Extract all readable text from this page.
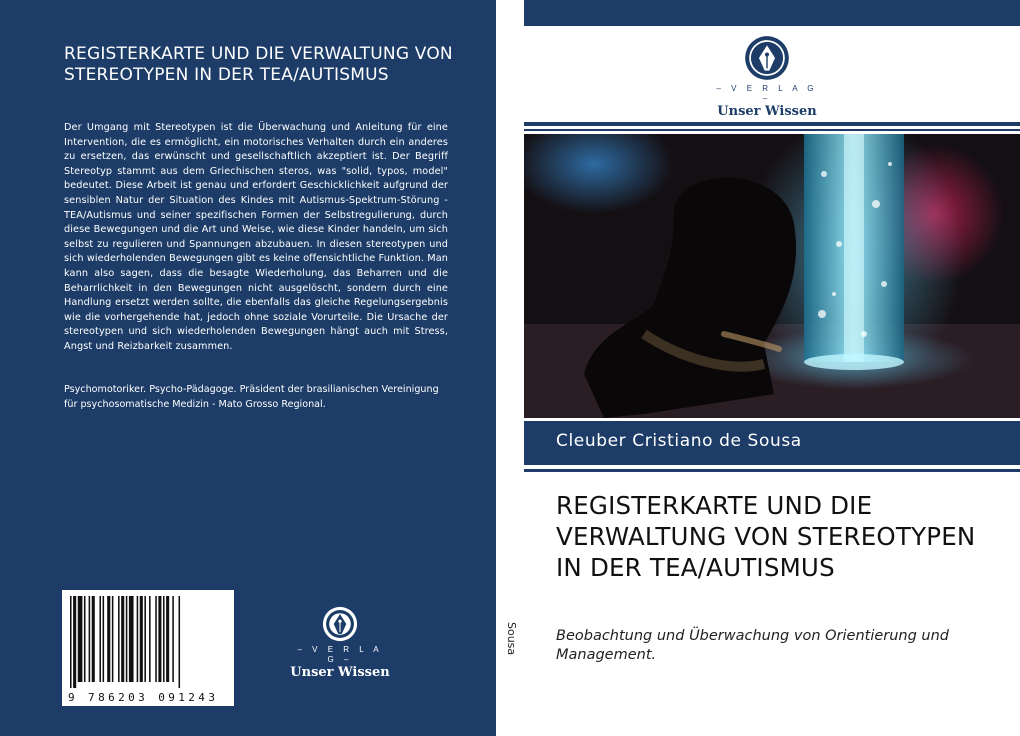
REGISTERKARTE UND DIE VERWALTUNG VON STEREOTYPEN IN DER TEA/AUTISMUS

Der Umgang mit Stereotypen ist die Überwachung und Anleitung für eine Intervention, die es ermöglicht, ein motorisches Verhalten durch ein anderes zu ersetzen, das erwünscht und gesellschaftlich akzeptiert ist. Der Begriff Stereotyp stammt aus dem Griechischen steros, was "solid, typos, model" bedeutet. Diese Arbeit ist genau und erfordert Geschicklichkeit aufgrund der sensiblen Natur der Situation des Kindes mit Autismus-Spektrum-Störung - TEA/Autismus und seiner spezifischen Formen der Selbstregulierung, durch diese Bewegungen und die Art und Weise, wie diese Kinder handeln, um sich selbst zu regulieren und Spannungen abzubauen. In diesen stereotypen und sich wiederholenden Bewegungen gibt es keine offensichtliche Funktion. Man kann also sagen, dass die besagte Wiederholung, das Beharren und die Beharrlichkeit in den Bewegungen nicht ausgelöscht, sondern durch eine Handlung ersetzt werden sollte, die ebenfalls das gleiche Regelungsergebnis wie die vorhergehende hat, jedoch ohne soziale Vorurteile. Die Ursache der stereotypen und sich wiederholenden Bewegungen hängt auch mit Stress, Angst und Reizbarkeit zusammen.

Psychomotoriker. Psycho-Pädagoge. Präsident der brasilianischen Vereinigung für psychosomatische Medizin - Mato Grosso Regional.

9 786203 091243
– V E R L A G –
Unser Wissen
Sousa
– V E R L A G –
Unser Wissen
Cleuber Cristiano de Sousa
REGISTERKARTE UND DIE VERWALTUNG VON STEREOTYPEN IN DER TEA/AUTISMUS

Beobachtung und Überwachung von Orientierung und Management.
